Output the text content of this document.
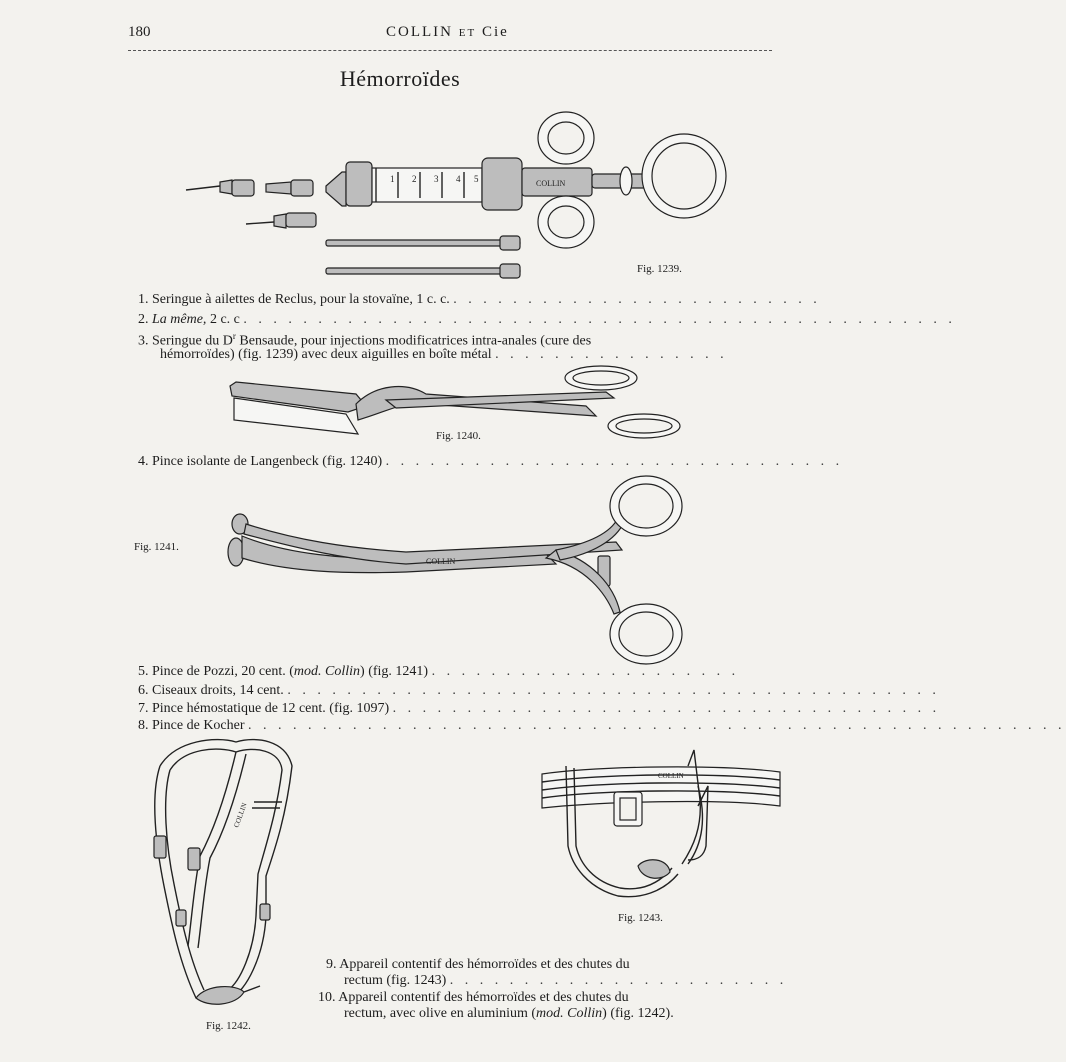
180	COLLIN ET Cie
Hémorroïdes
1 2 3 4 5	COLLIN
Fig. 1239.
1. Seringue à ailettes de Reclus, pour la stovaïne, 1 c. c. . . . . . . . . . . . . . . . . . . . . . . . . .
2. La même, 2 c. c . . . . . . . . . . . . . . . . . . . . . . . . . . . . . . . . . . . . . . . . . . . . . . . .
3. Seringue du $D^r$ Bensaude, pour injections modificatrices intra-anales (cure des
hémorroïdes) (fig. 1239) avec deux aiguilles en boîte métal . . . . . . . . . . . . . . . .
Fig. 1240.
4. Pince isolante de Langenbeck (fig. 1240) . . . . . . . . . . . . . . . . . . . . . . . . . . . . . . .
COLLIN
Fig. 1241.
5. Pince de Pozzi, 20 cent. (mod. Collin) (fig. 1241) . . . . . . . . . . . . . . . . . . . . .
6. Ciseaux droits, 14 cent. . . . . . . . . . . . . . . . . . . . . . . . . . . . . . . . . . . . . . . . . . . . .
7. Pince hémostatique de 12 cent. (fig. 1097) . . . . . . . . . . . . . . . . . . . . . . . . . . . . . . . . . . . . .
8. Pince de Kocher . . . . . . . . . . . . . . . . . . . . . . . . . . . . . . . . . . . . . . . . . . . . . . . . . . . . . . .
COLLIN
Fig. 1242.
COLLIN
Fig. 1243.
9. Appareil contentif des hémorroïdes et des chutes du
rectum (fig. 1243) . . . . . . . . . . . . . . . . . . . . . . .
10. Appareil contentif des hémorroïdes et des chutes du
rectum, avec olive en aluminium (mod. Collin) (fig. 1242).
